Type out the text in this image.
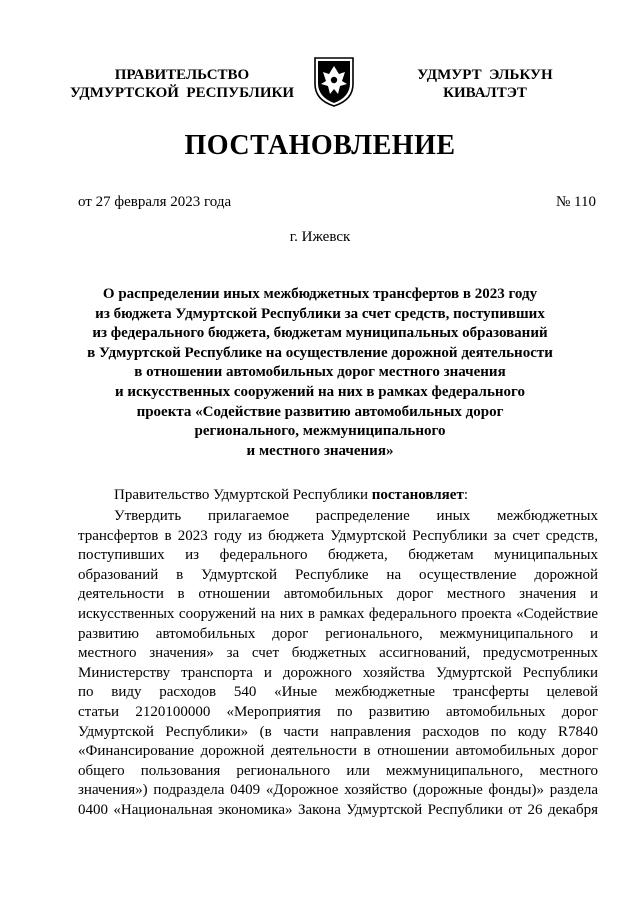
ПРАВИТЕЛЬСТВО
УДМУРТСКОЙ  РЕСПУБЛИКИ
УДМУРТ  ЭЛЬКУН
КИВАЛТЭТ
ПОСТАНОВЛЕНИЕ
от 27 февраля 2023 года	№ 110
г. Ижевск
О распределении иных межбюджетных трансфертов в 2023 году
из бюджета Удмуртской Республики за счет средств, поступивших
из федерального бюджета, бюджетам муниципальных образований
в Удмуртской Республике на осуществление дорожной деятельности
в отношении автомобильных дорог местного значения
и искусственных сооружений на них в рамках федерального
проекта «Содействие развитию автомобильных дорог
регионального, межмуниципального
и местного значения»
Правительство Удмуртской Республики постановляет:
Утвердить прилагаемое распределение иных межбюджетных
трансфертов в 2023 году из бюджета Удмуртской Республики за счет средств,
поступивших из федерального бюджета, бюджетам муниципальных
образований в Удмуртской Республике на осуществление дорожной
деятельности в отношении автомобильных дорог местного значения и
искусственных сооружений на них в рамках федерального проекта «Содействие
развитию автомобильных дорог регионального, межмуниципального и
местного значения» за счет бюджетных ассигнований, предусмотренных
Министерству транспорта и дорожного хозяйства Удмуртской Республики
по виду расходов 540 «Иные межбюджетные трансферты целевой
статьи 2120100000 «Мероприятия по развитию автомобильных дорог
Удмуртской Республики» (в части направления расходов по коду R7840
«Финансирование дорожной деятельности в отношении автомобильных дорог
общего пользования регионального или межмуниципального, местного
значения») подраздела 0409 «Дорожное хозяйство (дорожные фонды)» раздела
0400 «Национальная экономика» Закона Удмуртской Республики от 26 декабря
